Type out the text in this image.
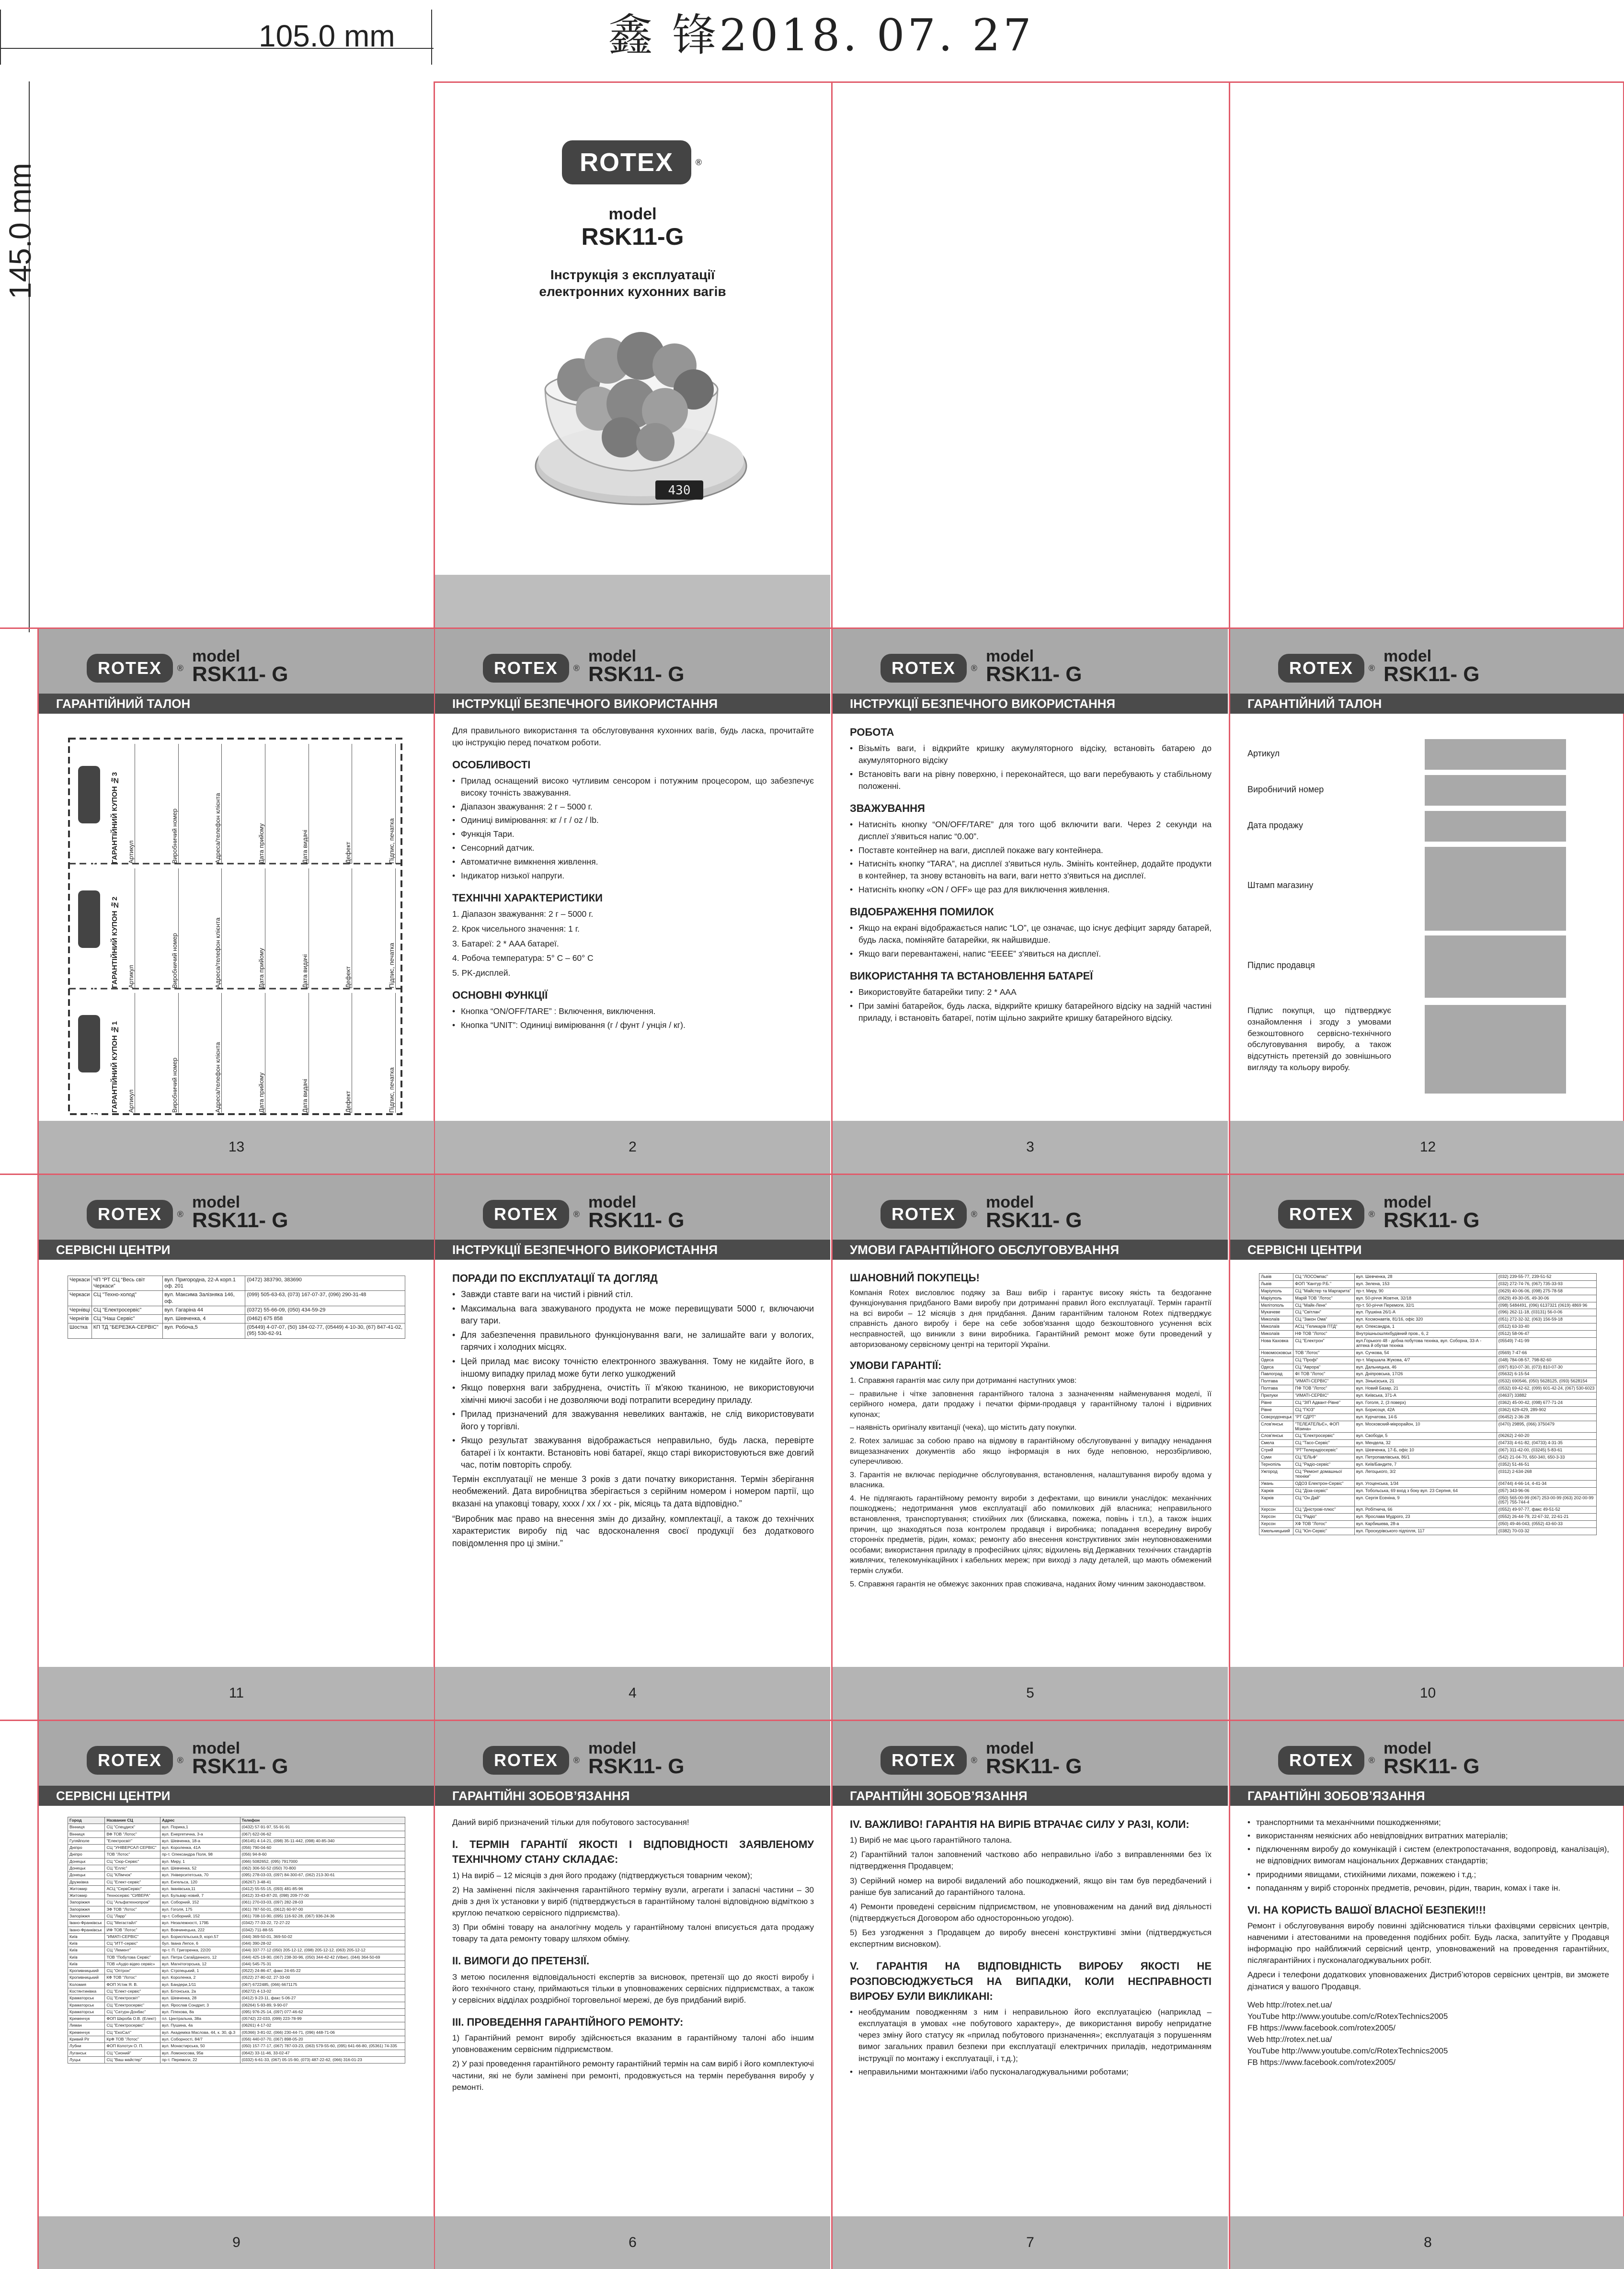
105.0 mm
145.0 mm
鑫 锋2018. 07. 27
ROTEX	®
model
RSK11-G
Інструкція з експлуатації
електронних кухонних вагів
430
ROTEX ®
model
RSK11- G
ГАРАНТІЙНИЙ ТАЛОН
ROTEX
ROTEX
ROTEX
ГАРАНТІЙНИЙ КУПОН №3
ГАРАНТІЙНИЙ КУПОН №2
ГАРАНТІЙНИЙ КУПОН №1
Артикул	Виробничий номер	Адреса/телефон клієнта	Дата прийому	Дата видачі	Дефект	Підпис, печатка
Артикул	Виробничий номер	Адреса/телефон клієнта	Дата прийому	Дата видачі	Дефект	Підпис, печатка
Артикул	Виробничий номер	Адреса/телефон клієнта	Дата прийому	Дата видачі	Дефект	Підпис, печатка
13
ROTEX ®
model
RSK11- G
ІНСТРУКЦІЇ БЕЗПЕЧНОГО ВИКОРИСТАННЯ

Для правильного використання та обслуговування кухонних вагів, будь ласка, прочитайте цю інструкцію перед початком роботи.

ОСОБЛИВОСТІ
• Прилад оснащений високо чутливим сенсором і потужним процесором, що забезпечує високу точність зважування.
• Діапазон зважування: 2 г – 5000 г.
• Одиниці вимірювання: кг / г / oz / lb.
• Функція Тари.
• Сенсорний датчик.
• Автоматичне вимкнення живлення.
• Індикатор низької напруги.
ТЕХНІЧНІ ХАРАКТЕРИСТИКИ

1. Діапазон зважування: 2 г – 5000 г.

2. Крок чисельного значення: 1 г.

3. Батареї: 2 * AAA батареї.

4. Робоча температура: 5° C – 60° C

5. PK-дисплей.

ОСНОВНІ ФУНКЦІЇ
• Кнопка “ON/OFF/TARE” : Включення, виключення.
• Кнопка “UNIT”: Одиниці вимірювання (г / фунт / унція / кг).
2
ROTEX ®
model
RSK11- G
ІНСТРУКЦІЇ БЕЗПЕЧНОГО ВИКОРИСТАННЯ
РОБОТА
• Візьміть ваги, і відкрийте кришку акумуляторного відсіку, встановіть батарею до акумуляторного відсіку
• Встановіть ваги на рівну поверхню, і переконайтеся, що ваги перебувають у стабільному положенні.
ЗВАЖУВАННЯ
• Натисніть кнопку “ON/OFF/TARE” для того щоб включити ваги. Через 2 секунди на дисплеї з'явиться напис “0.00”.
• Поставте контейнер на ваги, дисплей покаже вагу контейнера.
• Натисніть кнопку “TARA”, на дисплеї з'явиться нуль. Змініть контейнер, додайте продукти в контейнер, та знову встановіть на ваги, ваги нетто з'явиться на дисплеї.
• Натисніть кнопку «ON / OFF» ще раз для виключення живлення.
ВІДОБРАЖЕННЯ ПОМИЛОК
• Якщо на екрані відображається напис “LO”, це означає, що існує дефіцит заряду батарей, будь ласка, поміняйте батарейки, як найшвидше.
• Якщо ваги перевантажені, напис “EEEE” з'явиться на дисплеї.
ВИКОРИСТАННЯ ТА ВСТАНОВЛЕННЯ БАТАРЕЇ
• Використовуйте батарейки типу: 2 * AAA
• При заміні батарейок, будь ласка, відкрийте кришку батарейного відсіку на задній частині приладу, і встановіть батареї, потім щільно закрийте кришку батарейного відсіку.
3
ROTEX ®
model
RSK11- G
ГАРАНТІЙНИЙ ТАЛОН
Артикул
Виробничий номер
Дата продажу
Штамп магазину
Підпис продавця
Підпис покупця, що підтверджує ознайомлення і згоду з умовами безкоштовного сервісно-технічного обслуговування виробу, а також відсутність претензій до зовнішнього вигляду та кольору виробу.
12
ROTEX ®
model
RSK11- G
СЕРВІСНІ ЦЕНТРИ
Черкаси	ЧП “РТ СЦ “Весь світ Черкаси”	вул. Пригородна, 22-А корп.1 оф. 201	(0472) 383790, 383690
Черкаси	СЦ "Техно-холод"	вул. Максима Залізняка 146, оф.	(099) 505-63-63, (073) 167-07-37, (096) 290-31-48
Чернівці	СЦ "Електросервіс"	вул. Гагаріна 44	(0372) 55-66-09, (050) 434-59-29
Чернігів	СЦ "Наш Сервіс"	вул. Шевченка, 4	(0462) 675 858
Шостка	КП ТД "БЕРЕЗКА-СЕРВІС"	вул. Робоча,5	(05449) 4-07-07, (50) 184-02-77, (05449) 4-10-30, (67) 847-41-02, (95) 530-62-91
11
ROTEX ®
model
RSK11- G
ІНСТРУКЦІЇ БЕЗПЕЧНОГО ВИКОРИСТАННЯ
ПОРАДИ ПО ЕКСПЛУАТАЦІЇ ТА ДОГЛЯД
• Завжди ставте ваги на чистий і рівний стіл.
• Максимальна вага зважуваного продукта не може перевищувати 5000 г, включаючи вагу тари.
• Для забезпечення правильного функціонування ваги, не залишайте ваги у вологих, гарячих і холодних місцях.
• Цей прилад має високу точністю електронного зважування. Тому не кидайте його, в іншому випадку прилад може бути легко ушкоджений
• Якщо поверхня ваги забруднена, очистіть її м'якою тканиною, не використовуючи хімічні миючі засоби і не дозволяючи воді потрапити всередину приладу.
• Прилад призначений для зважування невеликих вантажів, не слід використовувати його у торгівлі.
• Якщо результат зважування відображається неправильно, будь ласка, перевірте батареї і їх контакти. Встановіть нові батареї, якщо старі використовуються вже довгий час, потім повторіть спробу.

Термін експлуатації не менше 3 років з дати початку використання. Термін зберігання необмежений. Дата виробництва зберігається з серійним номером і номером партії, що вказані на упаковці товару, хххх / хх / хх - рік, місяць та дата відповідно.”

“Виробник має право на внесення змін до дизайну, комплектації, а також до технічних характеристик виробу під час вдосконалення своєї продукції без додаткового повідомлення про ці зміни.”

4
ROTEX ®
model
RSK11- G
УМОВИ ГАРАНТІЙНОГО ОБСЛУГОВУВАННЯ
ШАНОВНИЙ ПОКУПЕЦЬ!

Компанія Rotex висловлює подяку за Ваш вибір і гарантує високу якість та бездоганне функціонування придбаного Вами виробу при дотриманні правил його експлуатації. Термін гарантії на всі вироби – 12 місяців з дня придбання. Даним гарантійним талоном Rotex підтверджує справність даного виробу і бере на себе зобов'язання щодо безкоштовного усунення всіх несправностей, що виникли з вини виробника. Гарантійний ремонт може бути проведений у авторизованому сервісному центрі на території України.

УМОВИ ГАРАНТІЇ:

1. Справжня гарантія має силу при дотриманні наступних умов:

– правильне і чітке заповнення гарантійного талона з зазначенням найменування моделі, її серійного номера, дати продажу і печатки фірми-продавця у гарантійному талоні і відривних купонах;

– наявність оригіналу квитанції (чека), що містить дату покупки.

2. Rotex залишає за собою право на відмову в гарантійному обслуговуванні у випадку ненадання вищезазначених документів або якщо інформація в них буде неповною, нерозбірливою, суперечливою.

3. Гарантія не включає періодичне обслуговування, встановлення, налаштування виробу вдома у власника.

4. Не підлягають гарантійному ремонту вироби з дефектами, що виникли унаслідок: механічних пошкоджень; недотримання умов експлуатації або помилкових дій власника; неправильного встановлення, транспортування; стихійних лих (блискавка, пожежа, повінь і т.п.), а також інших причин, що знаходяться поза контролем продавця і виробника; попадання всередину виробу сторонніх предметів, рідин, комах; ремонту або внесення конструктивних змін неуповноваженими особами; використання приладу в професійних цілях; відхилень від Державних технічних стандартів живлячих, телекомунікаційних і кабельних мереж; при виході з ладу деталей, що мають обмежений термін служби.

5. Справжня гарантія не обмежує законних прав споживача, наданих йому чинним законодавством.

5
ROTEX ®
model
RSK11- G
СЕРВІСНІ ЦЕНТРИ
Львів	СЦ "ЛОСОмпас"	вул. Шевченка, 28	(032) 239-55-77, 239-51-52
Львів	ФОП "Кантур Р.Б."	вул. Зелена, 153	(032) 272-74-76, (067) 735-33-93
Маріуполь	СЦ "Майстер та Маргарита"	пр-т. Миру, 90	(0629) 40-06-06, (098) 275-78-58
Маріуполь	Марій ТОВ "Лотос"	вул. 50-річчя Жовтня, 32/18	(0629) 49-30-05, 49-30-06
Мелітополь	СЦ "Майк-Ленк"	пр-т. 50-річчя Перемоги, 32/1	(098) 5484491, (096) 6137321 (0619) 4869 96
Мукачеве	СЦ "Світлан"	вул. Пушкіна 26/1-А	(096) 262-11-18, (03131) 56-0-06
Миколаїв	СЦ "Закон Ома"	вул. Космонавтів, 81/16, офіс 320	(051) 272-32-32, (063) 156-59-18
Миколаїв	АСЦ "Геликарів ПТД"	вул. Олександра, 1	(0512) 63-33-40
Миколаїв	НФ ТОВ "Лотос"	Внутрішньошляхбудівний пров., 6, 2	(0512) 58-06-47
Нова Каховка	СЦ "Електрон"	вул.Горького 48 - добна побутова техніка, вул. Соборна, 33-А - аптека й обутая техніка	(05549) 7-41-99
Новомосковськ	ТОВ "Лотос"	вул. Сучкова, 54	(0569) 7-47-66
Одеса	СЦ "Профі"	пр-т. Маршала Жукова, 4/7	(048) 784-08-57, 798-82-60
Одеса	СЦ "Аврора"	вул. Дальницька, 46	(097) 810-07-30, (073) 810-07-30
Павлоград	ФІ ТОВ "Лотос"	вул. Дніпровська, 17/26	(05632) 6-15-54
Полтава	"ИМАТІ-СЕРВІС"	вул. Зінькізська, 21	(0532) 690546, (050) 5628125, (093) 5628154
Полтава	ПФ ТОВ "Лотос"	вул. Новий Базар, 21	(0532) 69-42-62, (099) 601-42-24, (067) 530-6023
Прилуки	"ИМАТІ-СЕРВІС"	вул. Київська, 371-А	(04637) 33882
Рівне	СЦ "ЗІП Адвант-Рівне"	вул. Гоголя, 2, (3 поверх)	(0362) 45-00-42, (098) 677-71-24
Рівне	СЦ "ГЮЗ"	вул. Борисоця, 42А	(0362) 629-429, 289-902
Сєвєродонецьк	"РТ СДРТ"	вул. Курчатова, 14-Б	(06452) 2-36-28
Слов'янськ	"ТЕЛЕАТЕЛЬЄ», ФОП Мізина»	вул. Московский-мікрорайон, 10	(0470) 29895, (066) 3750479
Слов'янськ	СЦ "Електросервіс"	вул. Свободи, 5	(06262) 2-60-20
Смела	СЦ "Тасо-Сервіс"	вул. Мендела, 32	(04733) 4-61-82, (04733) 4-31-35
Стрий	"РТ"Телерадіосервіс"	вул. Шевченка, 17-Б, офіс 10	(067) 311-42-00, (03245) 5-83-61
Суми	СЦ "ЕЛЬФ"	вул. Петропавлівська, 86/1	(542) 21-04-70, 650-340, 650-3-33
Тернопіль	СЦ "Радіо-сервіс"	вул. Київ/Бандите, 7	(0352) 51-46-51
Ужгород	СЦ "Ремонт домашньої техніки"	вул. Легоцького, 3/2	(0312) 2-634-268
Умань	ОДОЗ Електрон-Сервіс"	вул. Угоценська, 1/34	(04744) 4-66-14, 4-41-34
Харків	СЦ "Діза-сервіс"	вул. Тобольська, 69 вход з боку вул. 23 Серпня, 64	(057) 343-96-06
Харків	СЦ "Он Дай"	вул. Сергія Есеніна, 9	(050) 565-00-99 (067) 253-00-99 (063) 202-00-99 (057) 755-744-4
Херсон	СЦ "Дністрові-плюс"	вул. Робітнича, 66	(0552) 49-97-77, факс 49-51-52
Херсон	СЦ "Радіо"	вул. Ярослава Мудрого, 23	(0552) 26-44-79, 22-67-32, 22-61-21
Херсон	ХФ ТОВ "Лотос"	вул. Карбишева, 28-а	(050) 49-46-043, (0552) 43-60-33
Хмельницький	СЦ "Юл-Сервіс"	вул. Проскурівського підпілля, 117	(0382) 70-03-32
10
ROTEX ®
model
RSK11- G
СЕРВІСНІ ЦЕНТРИ
Город	Название СЦ	Адрес	Телефон
Вінниця	СЦ "Спецдиск"	вул. Порика,1	(0432) 57-91-97, 55-91-91
Вінниця	ВФ ТОВ "Лотос"	вул. Енергетична, 3-а	(067) 622-06-62
Гуляйполе	"Електросвіт"	вул. Шевченка, 18-а	(06145) 4-14-21, (098) 35-11-442, (098) 40-85-340
Дніпро	СЦ "УНІВЕРСАЛ СЕРВІС"	вул. Короленка, 41А	(056) 790-04-60
Дніпро	ТОВ "Лотос"	пр-т. Олександра Поля, 98	(056) 94-8-60
Донецьк	СЦ "Сюр-Сервіс"	вул. Миру, 1	(066) 5082652, (095) 7917000
Донецьк	СЦ "Елліс"	вул. Шевченка, 52	(062) 306-50-52 (050) 70-800
Донецьк	СЦ "КЛімчок"	вул. Університетська, 70	(095) 278-03-03, (097) 84-300-67, (062) 213-30-61
Дружківка	СЦ "Елект-сервіс"	вул. Енгельса, 120	(06267) 3-48-41
Житомир	АСЦ "СервСервіс"	вул. Іванівська,11	(0412) 55-55-15, (093) 481-85-96
Житомир	Техносервіс "СИВЕРА"	вул. Бульвар новий, 7	(0412) 33-43-87-20, (098) 209-77-00
Запоріжжя	СЦ "Альфатехнопром"	вул. Соборний, 152	(061) 270-03-03, (097) 282-28-03
Запоріжжя	ЗФ ТОВ "Лотос"	вул. Гоголя, 175	(061) 787-50-01, (0612) 60-97-00
Запоріжжя	СЦ "Ларр"	пр-т. Соборний, 152	(061) 708-10-90, (095) 116-92-28, (067) 936-24-36
Івано-Франківськ	СЦ "Мегастайл"	вул. Незалежності, 179Б	(0342) 77-33-22, 72-27-22
Івано-Франківськ	ИФ ТОВ "Лотос"	вул. Вовчинецька, 222	(0342) 711-88-55
Київ	"ИМАТІ-СЕРВІС"	вул. Бориспільська,9, корп.57	(044) 369-50-01, 369-50-02
Київ	СЦ "ИТТ-сервіс"	бул. Івана Лепсе, 6	(044) 390-28-02
Київ	СЦ "Лемент"	пр-т. П. Григоренка, 22/20	(044) 337-77-12 (050) 205-12-12, (098) 205-12-12, (063) 205-12-12
Київ	ТОВ "Побутова Сервіс"	вул. Петра Сагайдачного, 12	(044) 425-19-90, (067) 238-30-96, (050) 344-42-42 (Viber), (044) 364-50-69
Київ	ТОВ «Аудіо відео сервіс»	вул. Магнітогорська, 12	(044) 545-75-31
Кропивницький	СЦ "Оптрон"	вул. Стрілецький, 1	(0522) 24-86-47, факс 24-65-22
Кропивницький	КФ ТОВ "Лотос"	вул. Короленка, 2	(0522) 27-80-02, 27-33-00
Коломия	ФОП Устик Я. В.	вул. Бандери,1/11	(067) 6722485, (066) 6671175
Костянтинівка	СЦ "Елект-сервіс"	вул. Бітонська, 2а	(06272) 4-13-02
Краматорськ	СЦ "Електросвіт"	вул. Шевченка, 28	(0412) 9-23-11, факс 5-06-27
Краматорськ	СЦ "Електросервіс"	вул. Ярослав Сондрит, 3	(06264) 5-93-89, 9-90-07
Краматорськ	СЦ "Сатурн-Донбас"	вул. Плехова, 8а	(095) 976-25-14, (097) 077-46-62
Кременчук	ФОП Шкроба О.В. (Елект)	пл. Центральна, 38а	(05742) 22-033, (099) 223-78-99
Лиман	СЦ "Електросервіс"	вул. Пушина, 4а	(06261) 4-17-02
Кременчук	СЦ "ЕкоСал"	вул. Академіка Маслова, 44, к. 30, ф.3	(05366) 3-81-02, (066) 230-44-71, (096) 448-71-06
Кривий Ріг	КрФ ТОВ "Лотос"	вул. Соборності, 84/7	(056) 440-07-70, (067) 898-05-20
Лубни	ФОП Колотун О. П.	вул. Монастирська, 50	(050) 157-77-17, (067) 787-03-23, (063) 579-55-60, (095) 641-66-80, (05361) 74-335
Луганськ	СЦ "Сионий"	вул. Ломоносова, 95в	(0642) 33-11-46, 33-02-47
Луцьк	СЦ "Ваш майстер"	пр-т. Перемоги, 22	(0332) 6-61-33, (067) 05-15-90, (073) 487-22-62, (066) 316-01-23
9
ROTEX ®
model
RSK11- G
ГАРАНТІЙНІ ЗОБОВ’ЯЗАННЯ

Даний виріб призначений тільки для побутового застосування!

I. ТЕРМІН ГАРАНТІЇ ЯКОСТІ І ВІДПОВІДНОСТІ ЗАЯВЛЕНОМУ ТЕХНІЧНОМУ СТАНУ СКЛАДАЄ:

1) На виріб – 12 місяців з дня його продажу (підтверджується товарним чеком);

2) На заміненні після закінчення гарантійного терміну вузли, агрегати і запасні частини – 30 днів з дня їх установки у виріб (підтверджується в гарантійному талоні відповідною відміткою з круглою печаткою сервісного підприємства).

3) При обміні товару на аналогічну модель у гарантійному талоні вписується дата продажу товару та дата ремонту товару шляхом обміну.

II. ВИМОГИ ДО ПРЕТЕНЗІЇ.

З метою посилення відповідальності експертів за висновок, претензії що до якості виробу і його технічного стану, приймаються тільки в уповноважених сервісних підприємствах, а також у сервісних відділах роздрібної торговельної мережі, де був придбаний виріб.

III. ПРОВЕДЕННЯ ГАРАНТІЙНОГО РЕМОНТУ:

1) Гарантійний ремонт виробу здійснюється вказаним в гарантійному талоні або іншим уповноваженим сервісним підприємством.

2) У разі проведення гарантійного ремонту гарантійний термін на сам виріб і його комплектуючі частини, які не були замінені при ремонті, продовжується на термін перебування виробу у ремонті.

6
ROTEX ®
model
RSK11- G
ГАРАНТІЙНІ ЗОБОВ’ЯЗАННЯ
IV. ВАЖЛИВО! ГАРАНТІЯ НА ВИРІБ ВТРАЧАЄ СИЛУ У РАЗІ, КОЛИ:

1) Виріб не має цього гарантійного талона.

2) Гарантійний талон заповнений частково або неправильно і/або з виправленнями без їх підтвердження Продавцем;

3) Серійний номер на виробі видалений або пошкоджений, якщо він там був передбачений і раніше був записаний до гарантійного талона.

4) Ремонти проведені сервісним підприємством, не уповноваженим на даний вид діяльності (підтверджується Договором або односторонньою угодою).

5) Без узгодження з Продавцем до виробу внесені конструктивні зміни (підтверджується експертним висновком).

V. ГАРАНТІЯ НА ВІДПОВІДНІСТЬ ВИРОБУ ЯКОСТІ НЕ РОЗПОВСЮДЖУЄТЬСЯ НА ВИПАДКИ, КОЛИ НЕСПРАВНОСТІ ВИРОБУ БУЛИ ВИКЛИКАНІ:
• необдуманим поводженням з ним і неправильною його експлуатацією (наприклад – експлуатація в умовах «не побутового характеру», де використання виробу непридатне через зміну його статусу як «прилад побутового призначення»; експлуатація з порушенням вимог загальних правил безпеки при експлуатації електричних приладів, недотриманням інструкції по монтажу і експлуатації, і т.д.);
• неправильними монтажними і/або пусконалагоджувальними роботами;
7
ROTEX ®
model
RSK11- G
ГАРАНТІЙНІ ЗОБОВ’ЯЗАННЯ
• транспортними та механічними пошкодженнями;
• використанням неякісних або невідповідних витратних матеріалів;
• підключенням виробу до комунікацій і систем (електропостачання, водопровід, каналізація), не відповідних вимогам національних Державних стандартів;
• природними явищами, стихійними лихами, пожежею і т.д.;
• попаданням у виріб сторонніх предметів, речовин, рідин, тварин, комах і таке ін.
VI. НА КОРИСТЬ ВАШОЇ ВЛАСНОЇ БЕЗПЕКИ!!!

Ремонт і обслуговування виробу повинні здійснюватися тільки фахівцями сервісних центрів, навченими і атестованими на проведення подібних робіт. Будь ласка, запитуйте у Продавця інформацію про найближчий сервісний центр, уповноважений на проведення гарантійних, післягарантійних і пусконалагоджувальних робіт.

Адреси і телефони додаткових уповноважених Дистриб’юторов сервісних центрів, ви зможете дізнатися у вашого Продавця.

Web http://rotex.net.ua/
YouTube http://www.youtube.com/c/RotexTechnics2005
FB https://www.facebook.com/rotex2005/
Web http://rotex.net.ua/
YouTube http://www.youtube.com/c/RotexTechnics2005
FB https://www.facebook.com/rotex2005/
8
